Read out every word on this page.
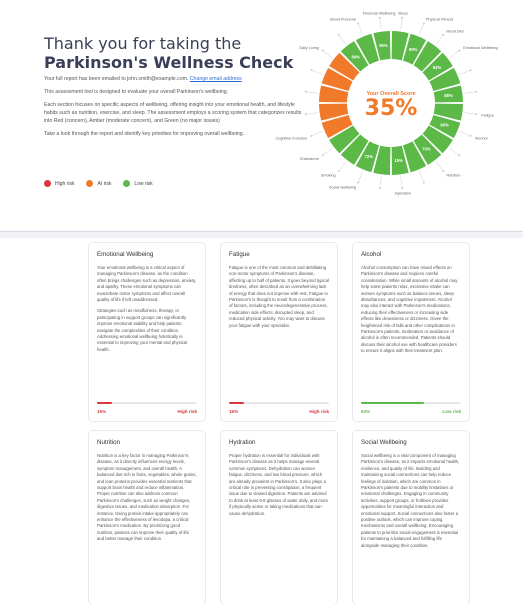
Thank you for taking the
Parkinson's Wellness Check

Your full report has been emailed to john.smith@example.com. Change email address

This assessment tool is designed to evaluate your overall Parkinson's wellbeing.

Each section focuses on specific aspects of wellbeing, offering insight into your emotional health, and lifestyle habits such as nutrition, exercise, and sleep. The assessment employs a scoring system that categorizes results into Red (concern), Amber (moderate concern), and Green (no major issues)

Take a look through the report and identify key priorities for improving overall wellbeing.

High risk	At risk	Low risk
Sleep
90%
Physical Fitness
Mood Diet
84%
Emotional Wellbeing
88%
Fatigue
90%
Alcohol
70%
Nutrition
15%
Hydration
72%
Social wellbeing
Smoking
Cholesterol
Cognitive Function
Daily Living
84%
Blood Pressure
90%
Financial Wellbeing
Your Overall Score
35%
Emotional Wellbeing

Your emotional wellbeing is a critical aspect of managing Parkinson's disease, as the condition often brings challenges such as depression, anxiety, and apathy. These emotional symptoms can exacerbate motor symptoms and affect overall quality of life if left unaddressed.

Strategies such as mindfulness, therapy, or participating in support groups can significantly improve emotional stability and help patients navigate the complexities of their condition. Addressing emotional wellbeing holistically is essential to improving your mental and physical health.

15%	High risk
Fatigue

Fatigue is one of the most common and debilitating non-motor symptoms of Parkinson's disease, affecting up to half of patients. It goes beyond typical tiredness, often described as an overwhelming lack of energy that does not improve with rest. Fatigue in Parkinson's is thought to result from a combination of factors, including the neurodegenerative process, medication side effects, disrupted sleep, and reduced physical activity. You may want to discuss your fatigue with your specialist.

15%	High risk
Alcohol

Alcohol consumption can have mixed effects on Parkinson's disease and requires careful consideration. While small amounts of alcohol may help some patients relax, excessive intake can worsen symptoms such as balance issues, sleep disturbances, and cognitive impairment. Alcohol may also interact with Parkinson's medications, reducing their effectiveness or increasing side effects like drowsiness or dizziness. Given the heightened risk of falls and other complications in Parkinson's patients, moderation or avoidance of alcohol is often recommended. Patients should discuss their alcohol use with healthcare providers to ensure it aligns with their treatment plan.

63%	Low risk
Nutrition

Nutrition is a key factor in managing Parkinson's disease, as it directly influences energy levels, symptom management, and overall health. A balanced diet rich in fruits, vegetables, whole grains, and lean proteins provides essential nutrients that support brain health and reduce inflammation. Proper nutrition can also address common Parkinson's challenges, such as weight changes, digestive issues, and medication absorption. For instance, timing protein intake appropriately can enhance the effectiveness of levodopa, a critical Parkinson's medication. By prioritizing good nutrition, patients can improve their quality of life and better manage their condition.

Hydration

Proper hydration is essential for individuals with Parkinson's disease as it helps manage several common symptoms. Dehydration can worsen fatigue, dizziness, and low blood pressure, which are already prevalent in Parkinson's. It also plays a critical role in preventing constipation, a frequent issue due to slowed digestion. Patients are advised to drink at least 6-8 glasses of water daily, and more if physically active or taking medications that can cause dehydration.

Social Wellbeing

Social wellbeing is a vital component of managing Parkinson's disease, as it impacts emotional health, resilience, and quality of life. Building and maintaining social connections can help reduce feelings of isolation, which are common in Parkinson's patients due to mobility limitations or emotional challenges. Engaging in community activities, support groups, or hobbies provides opportunities for meaningful interaction and emotional support. Social connections also foster a positive outlook, which can improve coping mechanisms and overall wellbeing. Encouraging patients to prioritize social engagement is essential for maintaining a balanced and fulfilling life alongside managing their condition.
